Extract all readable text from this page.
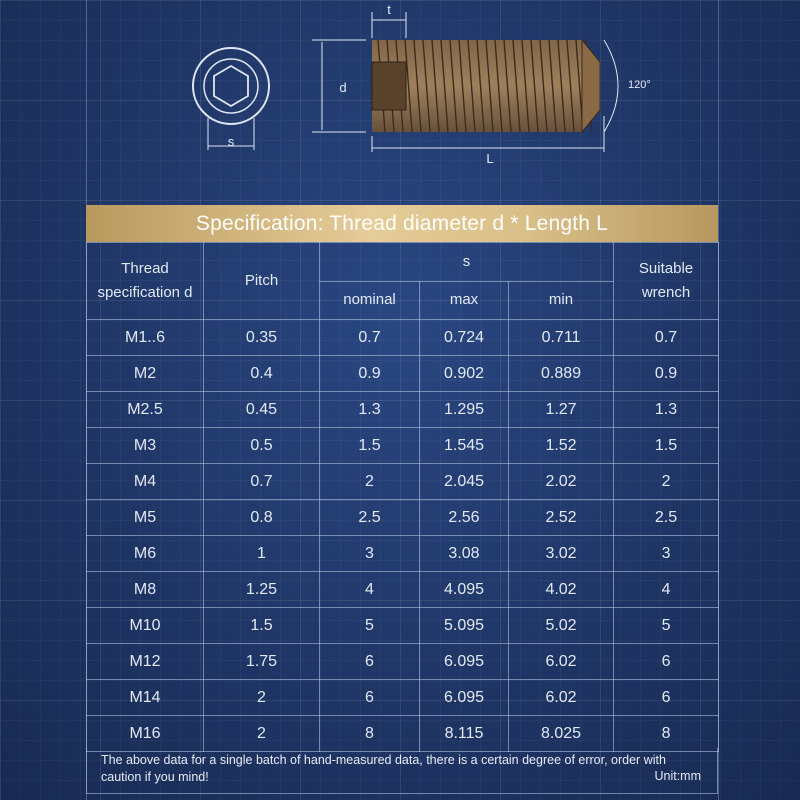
s
d
t
L
120°
Specification: Thread diameter d * Length L
Thread specification d	Pitch	s			Suitable wrench
		nominal	max	min	
M1..6	0.35	0.7	0.724	0.711	0.7
M2	0.4	0.9	0.902	0.889	0.9
M2.5	0.45	1.3	1.295	1.27	1.3
M3	0.5	1.5	1.545	1.52	1.5
M4	0.7	2	2.045	2.02	2
M5	0.8	2.5	2.56	2.52	2.5
M6	1	3	3.08	3.02	3
M8	1.25	4	4.095	4.02	4
M10	1.5	5	5.095	5.02	5
M12	1.75	6	6.095	6.02	6
M14	2	6	6.095	6.02	6
M16	2	8	8.115	8.025	8
The above data for a single batch of hand-measured data, there is a certain degree of error, order with caution if you mind!	Unit:mm
